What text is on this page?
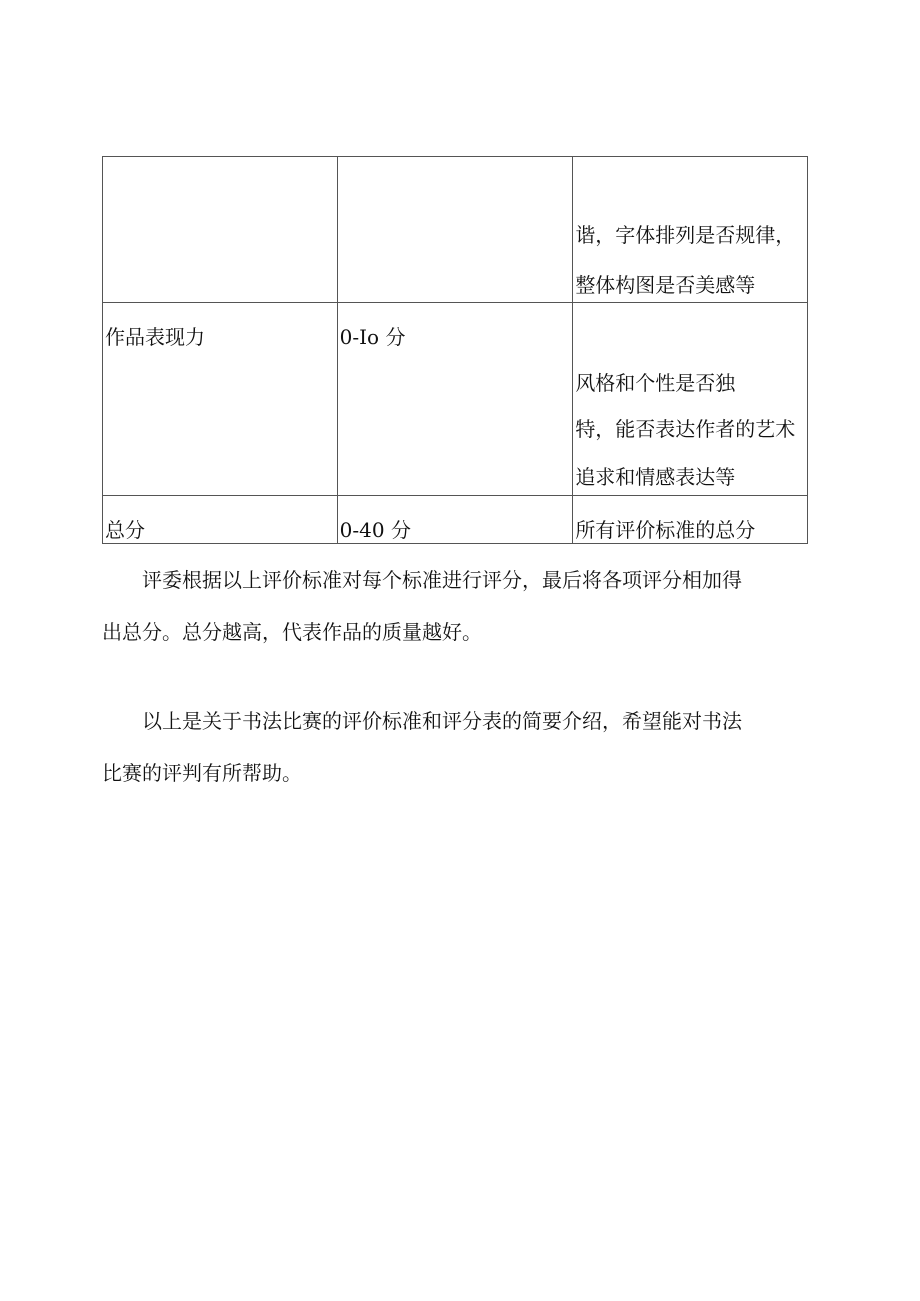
		谐，字体排列是否规律，
整体构图是否美感等

作品表现力	0-Io 分	风格和个性是否独
特，能否表达作者的艺术
追求和情感表达等

总分	0-40 分	所有评价标准的总分
　　评委根据以上评价标准对每个标准进行评分，最后将各项评分相加得
出总分。总分越高，代表作品的质量越好。
　　以上是关于书法比赛的评价标准和评分表的简要介绍，希望能对书法
比赛的评判有所帮助。
